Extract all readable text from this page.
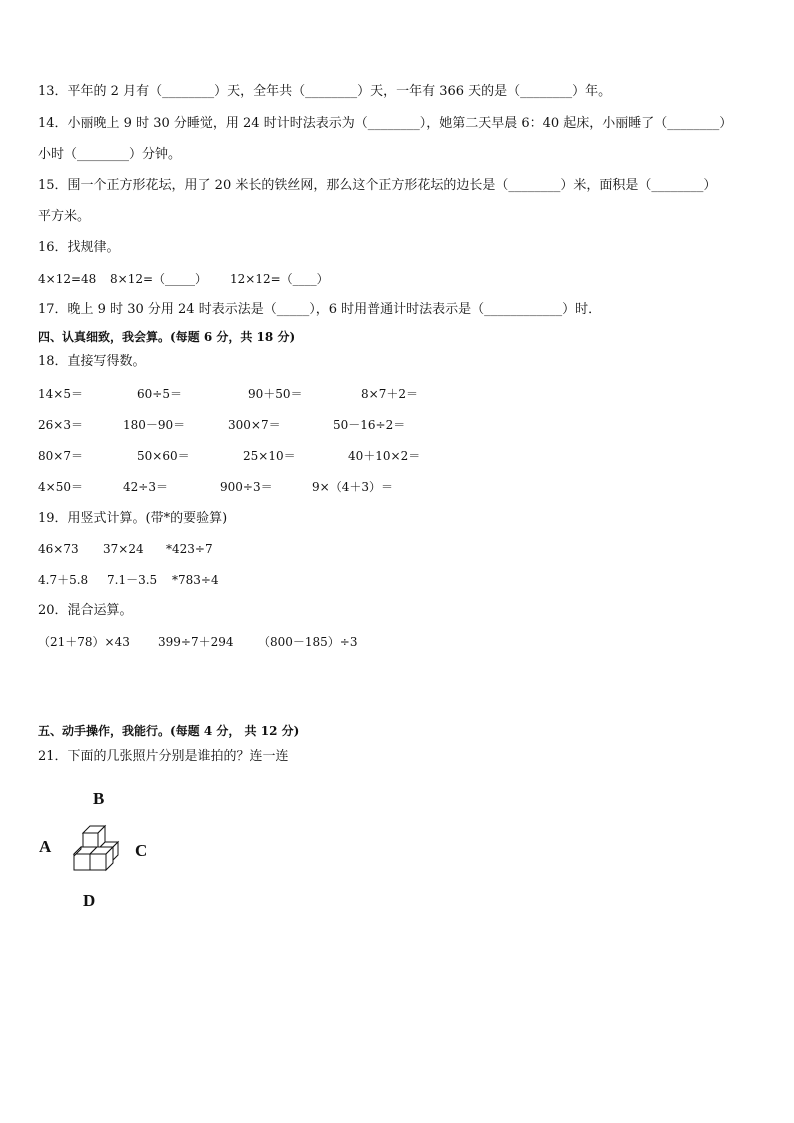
13．平年的 2 月有（________）天，全年共（________）天，一年有 366 天的是（________）年。
14．小丽晚上 9 时 30 分睡觉，用 24 时计时法表示为（________），她第二天早晨 6：40 起床，小丽睡了（________）
小时（________）分钟。
15．围一个正方形花坛，用了 20 米长的铁丝网，那么这个正方形花坛的边长是（________）米，面积是（________）
平方米。
16．找规律。
4×12=48 8×12=（_____） 12×12=（____）
17．晚上 9 时 30 分用 24 时表示法是（_____），6 时用普通计时法表示是（____________）时．
四、认真细致，我会算。(每题 6 分，共 18 分)
18．直接写得数。
14×5＝	60÷5＝	90＋50＝	8×7＋2＝
26×3＝	180－90＝	300×7＝	50－16÷2＝
80×7＝	50×60＝	25×10＝	40＋10×2＝
4×50＝	42÷3＝	900÷3＝	9×（4＋3）＝
19．用竖式计算。(带*的要验算)
46×73 37×24 *423÷7
4.7＋5.8 7.1－3.5 *783÷4
20．混合运算。
（21＋78）×43 399÷7＋294 （800－185）÷3
五、动手操作，我能行。(每题 4 分， 共 12 分)
21．下面的几张照片分别是谁拍的？连一连
B
A	C
D
